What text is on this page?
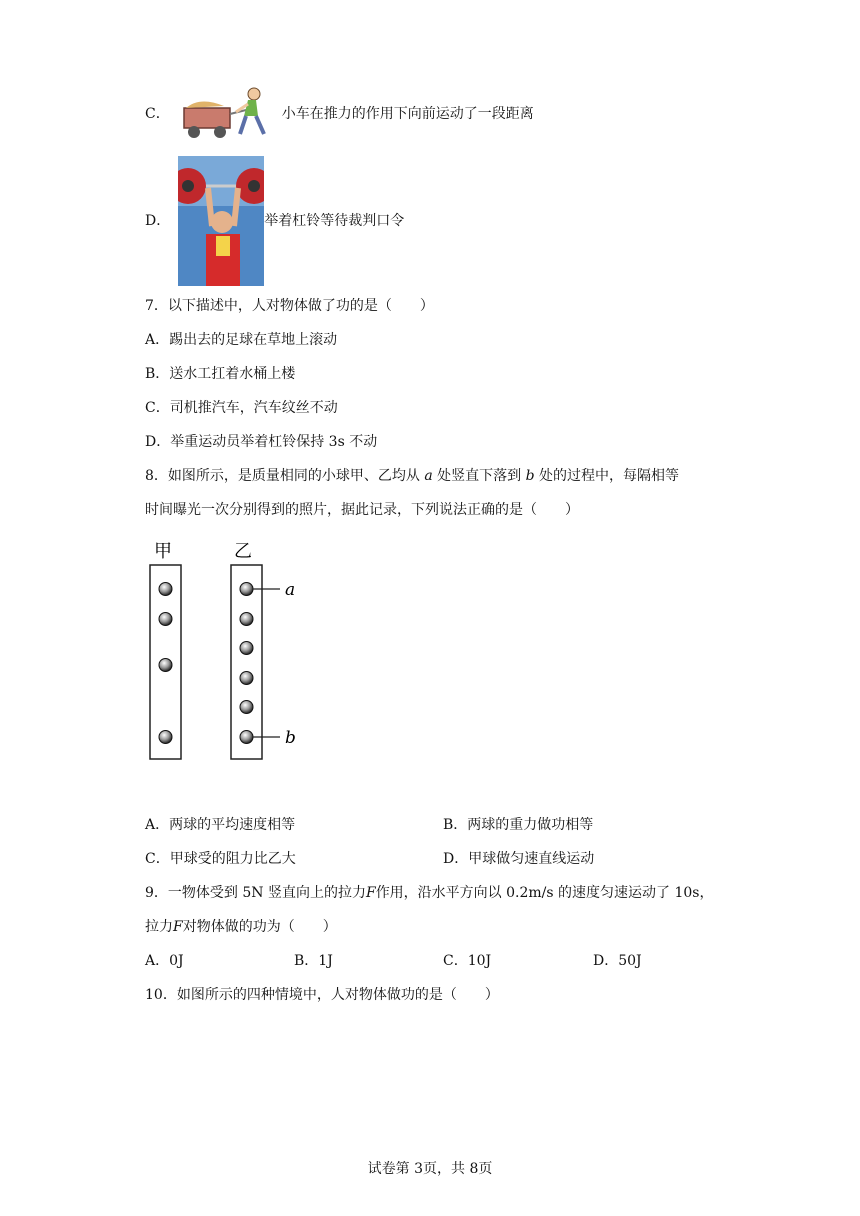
C．	小车在推力的作用下向前运动了一段距离
D．	举着杠铃等待裁判口令
7．以下描述中，人对物体做了功的是（　　）
A．踢出去的足球在草地上滚动
B．送水工扛着水桶上楼
C．司机推汽车，汽车纹丝不动
D．举重运动员举着杠铃保持 3s 不动
8．如图所示，是质量相同的小球甲、乙均从 a 处竖直下落到 b 处的过程中，每隔相等
时间曝光一次分别得到的照片，据此记录，下列说法正确的是（　　）
甲	乙
a
b
A．两球的平均速度相等	B．两球的重力做功相等
C．甲球受的阻力比乙大	D．甲球做匀速直线运动
9．一物体受到 5N 竖直向上的拉力F作用，沿水平方向以 0.2m/s 的速度匀速运动了 10s，
拉力F对物体做的功为（　　）
A．0J	B．1J	C．10J	D．50J
10．如图所示的四种情境中，人对物体做功的是（　　）
试卷第 3页，共 8页
